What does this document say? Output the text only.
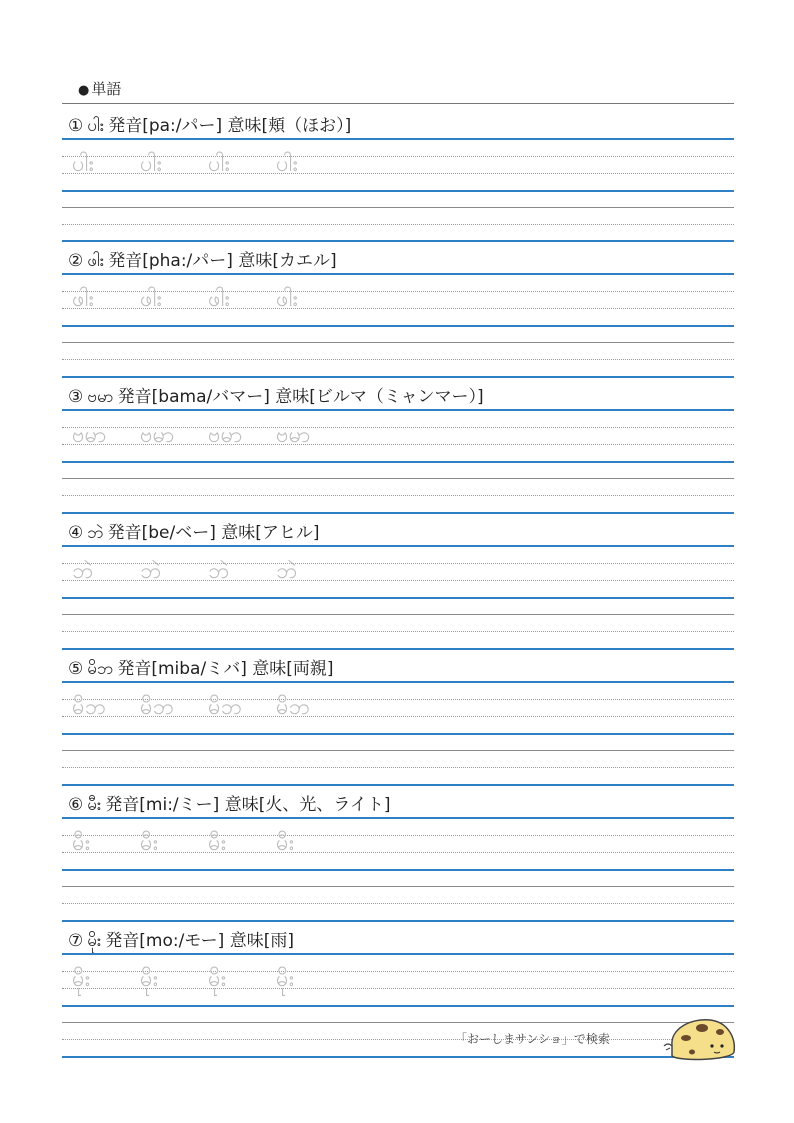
● 単語
① ပါး 発音[pa:/パー] 意味[頬（ほお）]
ပါး ပါး ပါး ပါး
② ဖါး 発音[pha:/パー] 意味[カエル]
ဖါး ဖါး ဖါး ဖါး
③ ဗမာ 発音[bama/バマー] 意味[ビルマ（ミャンマー）]
ဗမာ ဗမာ ဗမာ ဗမာ
④ ဘဲ 発音[be/ベー] 意味[アヒル]
ဘဲ ဘဲ ဘဲ ဘဲ
⑤ မိဘ 発音[miba/ミバ] 意味[両親]
မိဘ မိဘ မိဘ မိဘ
⑥ မီး 発音[mi:/ミー] 意味[火、光、ライト]
မီး မီး မီး မီး
⑦ မိုး 発音[mo:/モー] 意味[雨]
မိုး မိုး မိုး မိုး
「おーしまサンショ」で検索
